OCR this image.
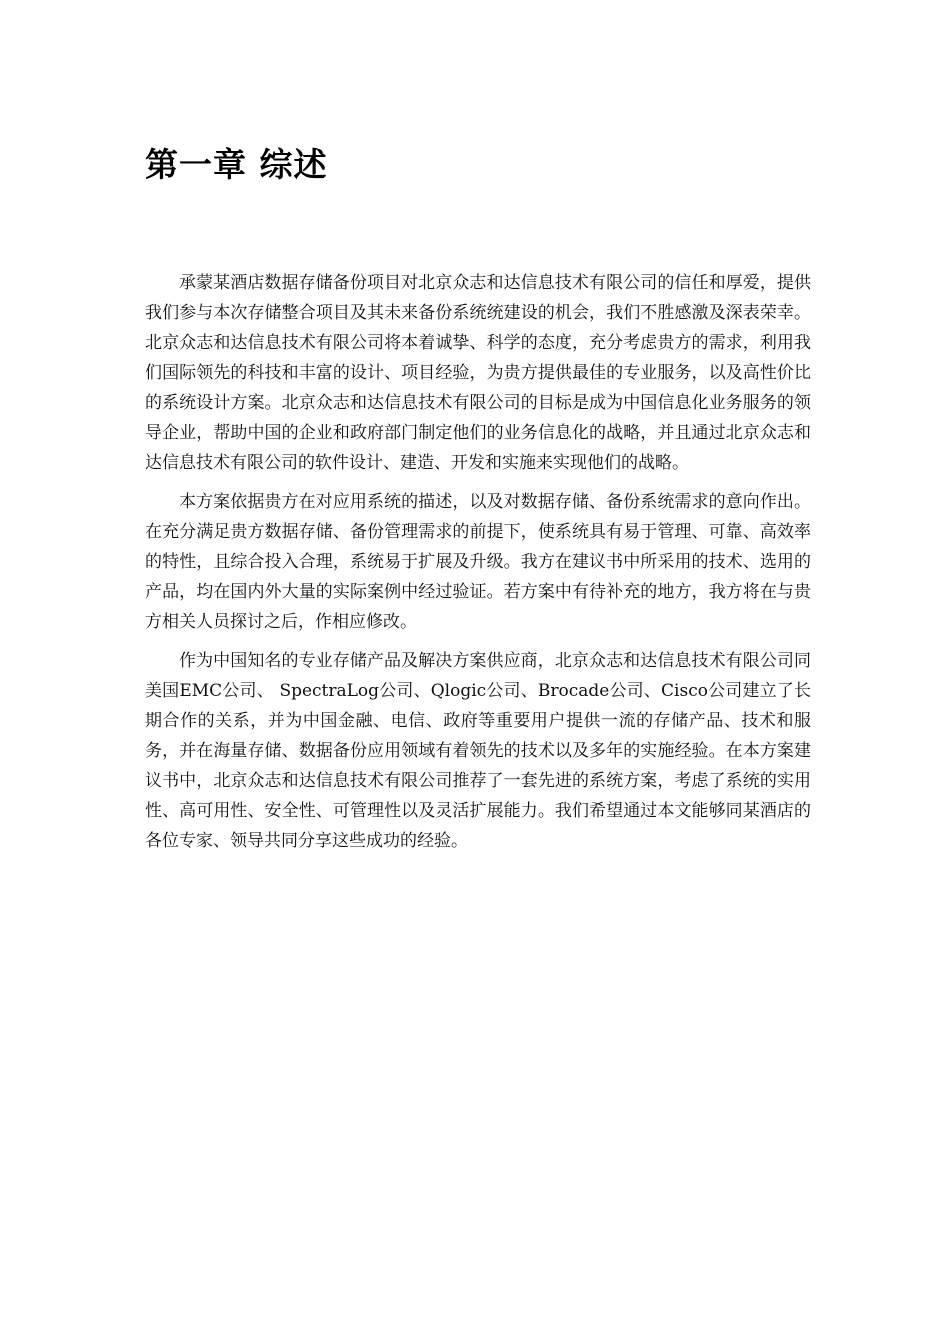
第一章 综述

承蒙某酒店数据存储备份项目对北京众志和达信息技术有限公司的信任和厚爱，提供我们参与本次存储整合项目及其未来备份系统统建设的机会，我们不胜感激及深表荣幸。北京众志和达信息技术有限公司将本着诚挚、科学的态度，充分考虑贵方的需求，利用我们国际领先的科技和丰富的设计、项目经验，为贵方提供最佳的专业服务，以及高性价比的系统设计方案。北京众志和达信息技术有限公司的目标是成为中国信息化业务服务的领导企业，帮助中国的企业和政府部门制定他们的业务信息化的战略，并且通过北京众志和达信息技术有限公司的软件设计、建造、开发和实施来实现他们的战略。

本方案依据贵方在对应用系统的描述，以及对数据存储、备份系统需求的意向作出。在充分满足贵方数据存储、备份管理需求的前提下，使系统具有易于管理、可靠、高效率的特性，且综合投入合理，系统易于扩展及升级。我方在建议书中所采用的技术、选用的产品，均在国内外大量的实际案例中经过验证。若方案中有待补充的地方，我方将在与贵方相关人员探讨之后，作相应修改。

作为中国知名的专业存储产品及解决方案供应商，北京众志和达信息技术有限公司同美国EMC公司、 SpectraLog公司、Qlogic公司、Brocade公司、Cisco公司建立了长期合作的关系，并为中国金融、电信、政府等重要用户提供一流的存储产品、技术和服务，并在海量存储、数据备份应用领域有着领先的技术以及多年的实施经验。在本方案建议书中，北京众志和达信息技术有限公司推荐了一套先进的系统方案，考虑了系统的实用性、高可用性、安全性、可管理性以及灵活扩展能力。我们希望通过本文能够同某酒店的各位专家、领导共同分享这些成功的经验。
